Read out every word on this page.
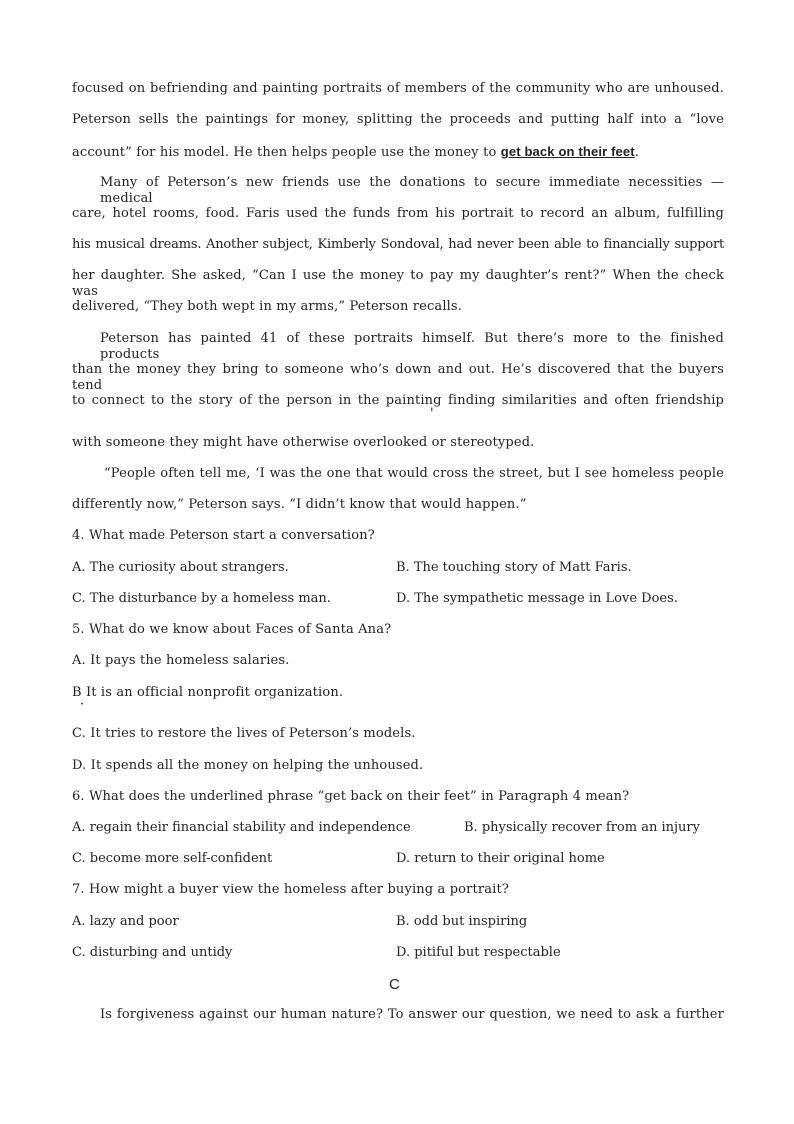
focused on befriending and painting portraits of members of the community who are unhoused.
Peterson sells the paintings for money, splitting the proceeds and putting half into a “love
account” for his model. He then helps people use the money to get back on their feet.
Many of Peterson’s new friends use the donations to secure immediate necessities — medical
care, hotel rooms, food. Faris used the funds from his portrait to record an album, fulfilling
his musical dreams. Another subject, Kimberly Sondoval, had never been able to financially support
her daughter. She asked, “Can I use the money to pay my daughter’s rent?” When the check was
delivered, “They both wept in my arms,” Peterson recalls.
Peterson has painted 41 of these portraits himself. But there’s more to the finished products
than the money they bring to someone who’s down and out. He’s discovered that the buyers tend
to connect to the story of the person in the painting finding similarities and often friendship
'
with someone they might have otherwise overlooked or stereotyped.
“People often tell me, ‘I was the one that would cross the street, but I see homeless people
differently now,” Peterson says. “I didn’t know that would happen.”
4. What made Peterson start a conversation?
A. The curiosity about strangers.	B. The touching story of Matt Faris.
C. The disturbance by a homeless man.	D. The sympathetic message in Love Does.
5. What do we know about Faces of Santa Ana?
A. It pays the homeless salaries.
B It is an official nonprofit organization.
·
C. It tries to restore the lives of Peterson’s models.
D. It spends all the money on helping the unhoused.
6. What does the underlined phrase “get back on their feet” in Paragraph 4 mean?
A. regain their financial stability and independence	B. physically recover from an injury
C. become more self-confident	D. return to their original home
7. How might a buyer view the homeless after buying a portrait?
A. lazy and poor	B. odd but inspiring
C. disturbing and untidy	D. pitiful but respectable
C
Is forgiveness against our human nature? To answer our question, we need to ask a further
